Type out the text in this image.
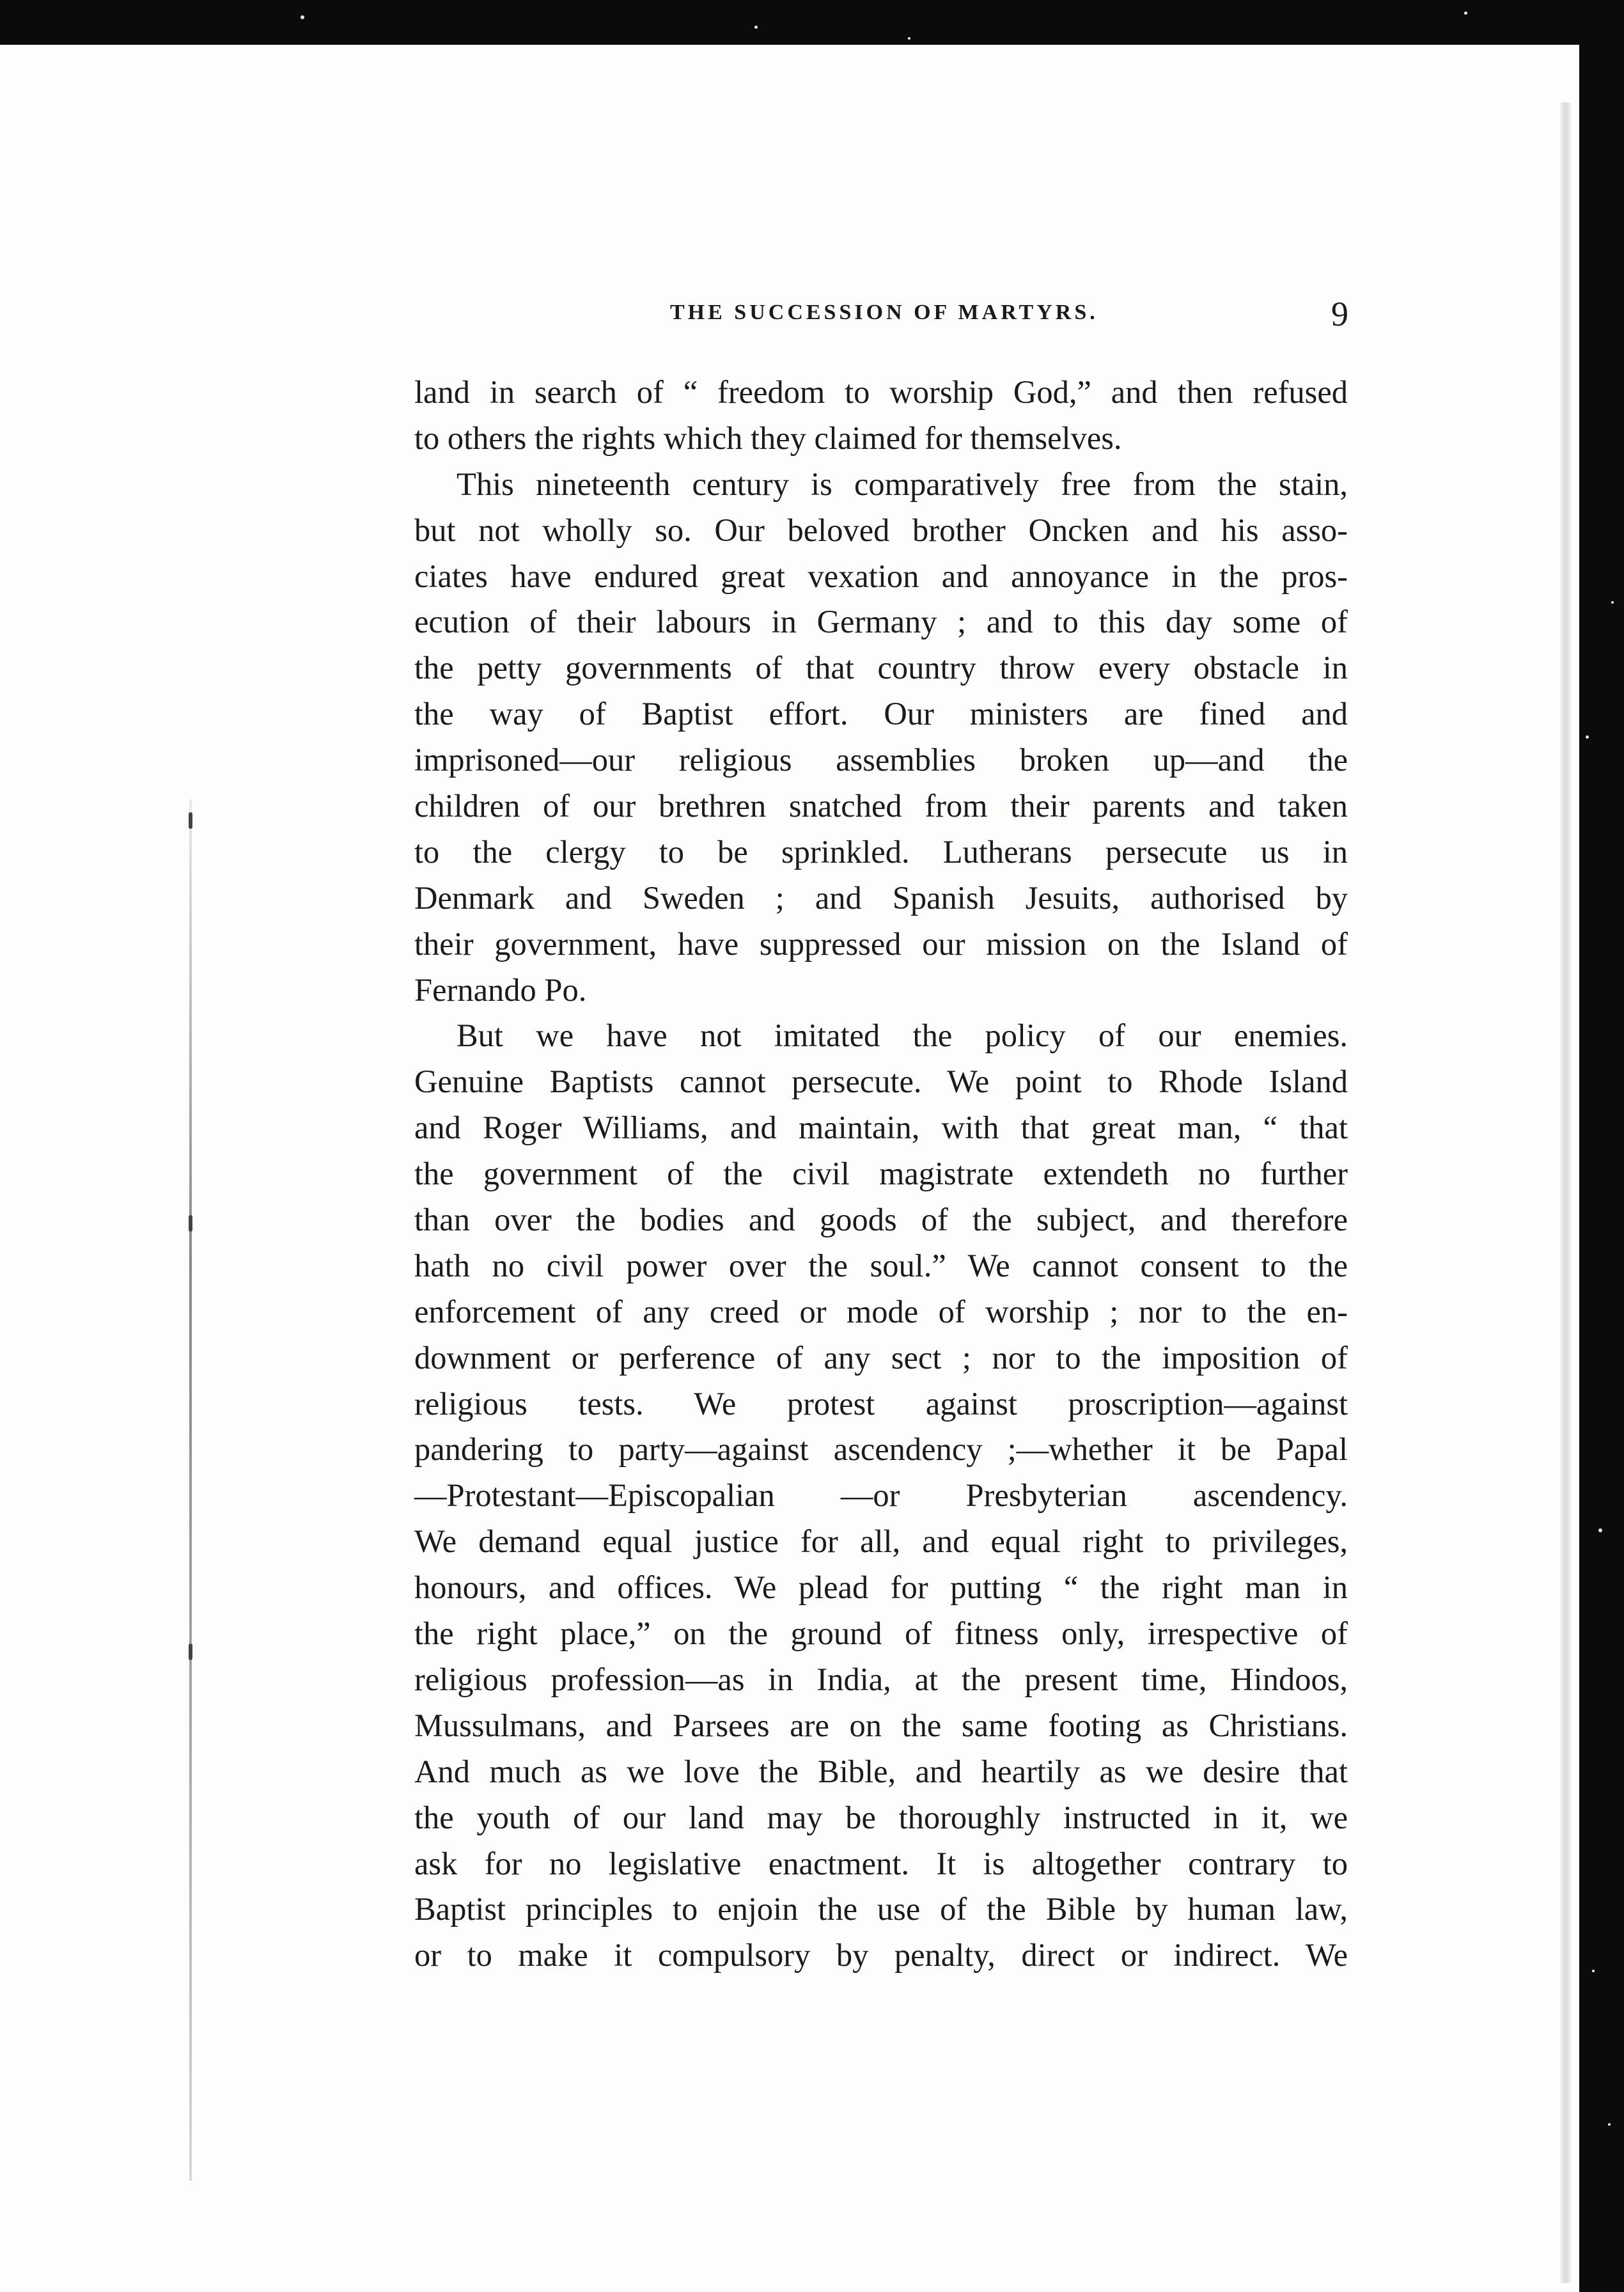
THE SUCCESSION OF MARTYRS.	9
land in search of “ freedom to worship God,” and then refused
to others the rights which they claimed for themselves.
This nineteenth century is comparatively free from the stain,
but not wholly so. Our beloved brother Oncken and his asso-
ciates have endured great vexation and annoyance in the pros-
ecution of their labours in Germany ; and to this day some of
the petty governments of that country throw every obstacle in
the way of Baptist effort. Our ministers are fined and
imprisoned—our religious assemblies broken up—and the
children of our brethren snatched from their parents and taken
to the clergy to be sprinkled. Lutherans persecute us in
Denmark and Sweden ; and Spanish Jesuits, authorised by
their government, have suppressed our mission on the Island of
Fernando Po.
But we have not imitated the policy of our enemies.
Genuine Baptists cannot persecute. We point to Rhode Island
and Roger Williams, and maintain, with that great man, “ that
the government of the civil magistrate extendeth no further
than over the bodies and goods of the subject, and therefore
hath no civil power over the soul.” We cannot consent to the
enforcement of any creed or mode of worship ; nor to the en-
downment or perference of any sect ; nor to the imposition of
religious tests. We protest against proscription—against
pandering to party—against ascendency ;—whether it be Papal
—Protestant—Episcopalian —or Presbyterian ascendency.
We demand equal justice for all, and equal right to privileges,
honours, and offices. We plead for putting “ the right man in
the right place,” on the ground of fitness only, irrespective of
religious profession—as in India, at the present time, Hindoos,
Mussulmans, and Parsees are on the same footing as Christians.
And much as we love the Bible, and heartily as we desire that
the youth of our land may be thoroughly instructed in it, we
ask for no legislative enactment. It is altogether contrary to
Baptist principles to enjoin the use of the Bible by human law,
or to make it compulsory by penalty, direct or indirect. We
